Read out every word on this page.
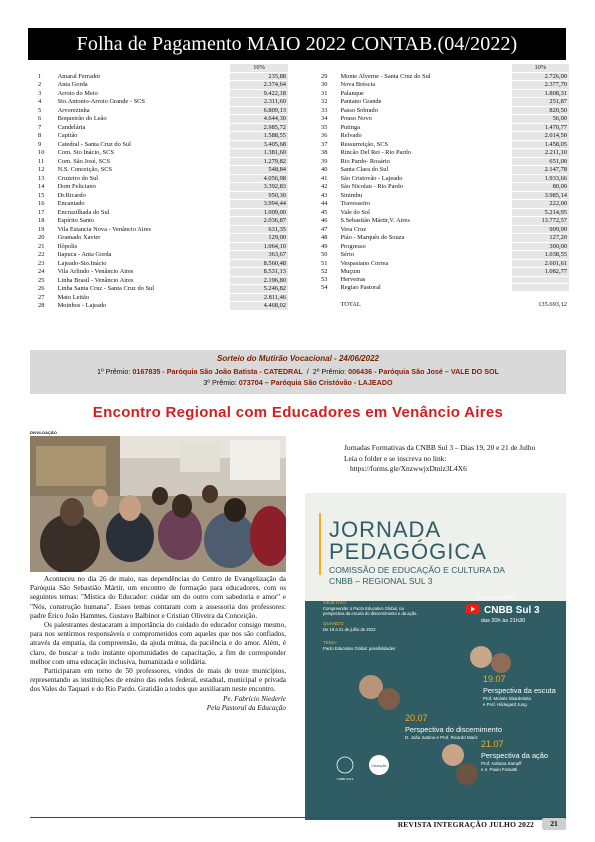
Folha de Pagamento MAIO 2022 CONTAB.(04/2022)
		10%
1	Amaral Ferrador	235,88
2	Anta Gorda	2.374,64
3	Arroio do Meio	9.422,18
4	Sto.Antonio-Arroio Grande - SCS	2.311,60
5	Arvorezinha	6.809,13
6	Boqueirão do Leão	4.644,30
7	Candelária	2.985,72
8	Capitão	1.588,55
9	Catedral - Santa Cruz do Sul	3.405,68
10	Com. Sto Inácio, SCS	1.381,60
11	Com. São José, SCS	1.279,82
12	N.S. Conceição, SCS	548,84
13	Cruzeiro do Sul	4.056,98
14	Dom Feliciano	3.392,83
15	Dr.Ricardo	950,30
16	Encantado	3.994,44
17	Encruzilhada do Sul	1.009,00
18	Espírito Santo	2.036,87
19	Vila Estancia Nova - Venâncio Aires	631,35
20	Gramado Xavier	129,00
21	Ilópolis	1.064,10
22	Itapuca - Anta Gorda	363,67
23	Lajeado-Sto.Inácio	8.560,48
24	Vila Arlindo - Venâncio Aires	8.531,13
25	Linha Brasil - Venâncio Aires	2.196,80
26	Linha Santa Cruz - Santa Cruz do Sul	5.246,82
27	Mato Leitão	2.811,46
28	Moinhos - Lajeado	4.468,02
		10%
29	Monte Alverne - Santa Cruz do Sul	2.726,00
30	Nova Bréscia	2.377,70
31	Palanque	1.808,31
32	Pantano Grande	251,87
33	Passo Sobrado	820,50
34	Pouso Novo	56,00
35	Putinga	1.470,77
36	Relvado	2.014,50
37	Ressurreição, SCS	1.458,05
38	Rincão Del Rei - Rio Pardo	2.211,10
39	Rio Pardo- Rosário	651,00
40	Santa Clara do Sul	2.147,78
41	São Cristovão - Lajeado	1.933,66
42	São Nicolau - Rio Pardo	80,00
43	Sinimbu	3.985,14
44	Travesseiro	222,00
45	Vale do Sol	5.214,95
46	S.Sebastião Mártir,V. Aires	13.772,57
47	Vera Cruz	909,90
48	Pião - Marquês de Souza	127,20
49	Progresso	300,00
50	Sério	1.038,55
51	Vespasiano Correa	2.601,61
52	Muçum	1.082,77
53	Herveiras	
54	Regiao Pastoral	

	TOTAL	135.693,12
Sorteio do Mutirão Vocacional - 24/06/2022
1º Prêmio: 0167835 - Paróquia São João Batista - CATEDRAL / 2º Prêmio: 006436 - Paróquia São José – VALE DO SOL
3º Prêmio: 073704 – Paróquia São Cristóvão - LAJEADO
Encontro Regional com Educadores em Venâncio Aires
DIVULGAÇÃO

Aconteceu no dia 26 de maio, nas dependências do Centro de Evangelização da Paróquia São Sebastião Mártir, um encontro de formação para educadores, com os seguintes temas: "Mística do Educador: cuidar um do outro com sabedoria e amor" e "Nós, construção humana". Esses temas contaram com a assessoria dos professores: padre Érico João Hammes, Gustavo Balbinot e Cristian Oliveira da Conceição.

Os palestrantes destacaram a importância do cuidado do educador consigo mesmo, para nos sentirmos responsáveis e comprometidos com aqueles que nos são confiados, através da empatia, da compreensão, da ajuda mútua, da paciência e do amor. Além, é claro, de buscar a todo instante oportunidades de capacitação, a fim de corresponder melhor com uma educação inclusiva, humanizada e solidária.

Participaram em torno de 50 professores, vindos de mais de treze municípios, representando as instituições de ensino das redes federal, estadual, municipal e privada dos Vales do Taquari e do Rio Pardo. Gratidão a todos que auxiliaram neste encontro.

Pe. Fabrício Niederle

Pela Pastoral da Educação

Jornadas Formativas da CNBB Sul 3 – Dias 19, 20 e 21 de Julho
Leia o folder e se inscreva no link:
https://forms.gle/XnzwwjxDtniz3L4X6
JORNADA
PEDAGÓGICA
COMISSÃO DE EDUCAÇÃO E CULTURA DA
CNBB – REGIONAL SUL 3
OBJETIVO:
Compreender o Pacto Educativo Global, na
perspectiva da escuta do discernimento e da ação.
QUANDO:
De 19 a 21 de julho de 2022
TEMA:
Pacto Educativo Global: possibilidades
Live no youtube
CNBB Sul 3
das 20h às 21h30
19.07
Perspectiva da escuta
Prof. Moisés Sbardelotto
e Prof. Hildegard Jung
20.07
Perspectiva do discernimento
D. João Justino e Prof. Ricardo Mariz
21.07
Perspectiva da ação
Prof. Adriana Kampff
e Ir. Paulo Fossatti
CNBB SUL3
Educação
REVISTA INTEGRAÇÃO JULHO 2022	21
